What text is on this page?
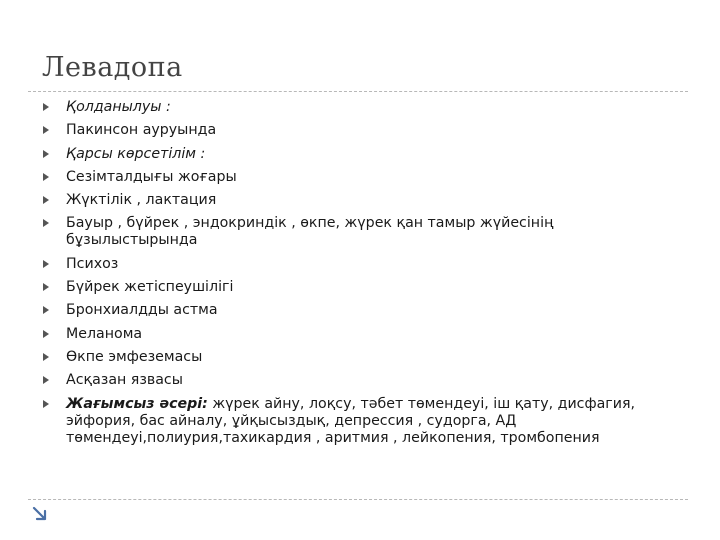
Левадопа
Қолданылуы :
Пакинсон ауруында
Қарсы көрсетілім :
Сезімталдығы жоғары
Жүктілік , лактация
Бауыр , бүйрек , эндокриндік , өкпе, жүрек қан тамыр жүйесінің бұзылыстырында
Психоз
Бүйрек жетіспеушілігі
Бронхиалдды астма
Меланома
Өкпе эмфеземасы
Асқазан язвасы
Жағымсыз әсері: жүрек айну, лоқсу, тәбет төмендеуі, іш қату, дисфагия, эйфория, бас айналу, ұйқысыздық, депрессия , судорга, АД төмендеуі,полиурия,тахикардия , аритмия , лейкопения, тромбопения
